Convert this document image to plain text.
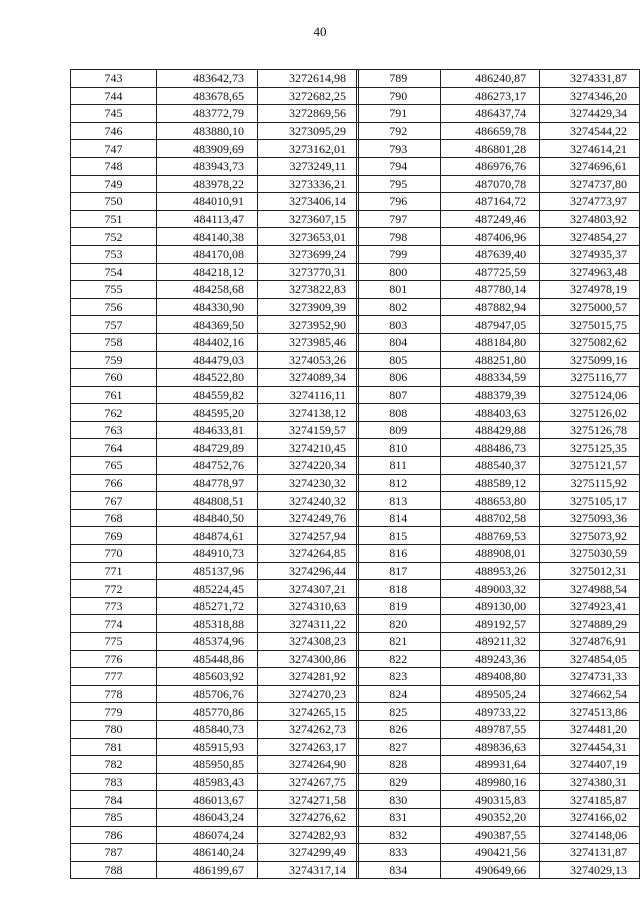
40
743	483642,73	3272614,98
744	483678,65	3272682,25
745	483772,79	3272869,56
746	483880,10	3273095,29
747	483909,69	3273162,01
748	483943,73	3273249,11
749	483978,22	3273336,21
750	484010,91	3273406,14
751	484113,47	3273607,15
752	484140,38	3273653,01
753	484170,08	3273699,24
754	484218,12	3273770,31
755	484258,68	3273822,83
756	484330,90	3273909,39
757	484369,50	3273952,90
758	484402,16	3273985,46
759	484479,03	3274053,26
760	484522,80	3274089,34
761	484559,82	3274116,11
762	484595,20	3274138,12
763	484633,81	3274159,57
764	484729,89	3274210,45
765	484752,76	3274220,34
766	484778,97	3274230,32
767	484808,51	3274240,32
768	484840,50	3274249,76
769	484874,61	3274257,94
770	484910,73	3274264,85
771	485137,96	3274296,44
772	485224,45	3274307,21
773	485271,72	3274310,63
774	485318,88	3274311,22
775	485374,96	3274308,23
776	485448,86	3274300,86
777	485603,92	3274281,92
778	485706,76	3274270,23
779	485770,86	3274265,15
780	485840,73	3274262,73
781	485915,93	3274263,17
782	485950,85	3274264,90
783	485983,43	3274267,75
784	486013,67	3274271,58
785	486043,24	3274276,62
786	486074,24	3274282,93
787	486140,24	3274299,49
788	486199,67	3274317,14
789	486240,87	3274331,87
790	486273,17	3274346,20
791	486437,74	3274429,34
792	486659,78	3274544,22
793	486801,28	3274614,21
794	486976,76	3274696,61
795	487070,78	3274737,80
796	487164,72	3274773,97
797	487249,46	3274803,92
798	487406,96	3274854,27
799	487639,40	3274935,37
800	487725,59	3274963,48
801	487780,14	3274978,19
802	487882,94	3275000,57
803	487947,05	3275015,75
804	488184,80	3275082,62
805	488251,80	3275099,16
806	488334,59	3275116,77
807	488379,39	3275124,06
808	488403,63	3275126,02
809	488429,88	3275126,78
810	488486,73	3275125,35
811	488540,37	3275121,57
812	488589,12	3275115,92
813	488653,80	3275105,17
814	488702,58	3275093,36
815	488769,53	3275073,92
816	488908,01	3275030,59
817	488953,26	3275012,31
818	489003,32	3274988,54
819	489130,00	3274923,41
820	489192,57	3274889,29
821	489211,32	3274876,91
822	489243,36	3274854,05
823	489408,80	3274731,33
824	489505,24	3274662,54
825	489733,22	3274513,86
826	489787,55	3274481,20
827	489836,63	3274454,31
828	489931,64	3274407,19
829	489980,16	3274380,31
830	490315,83	3274185,87
831	490352,20	3274166,02
832	490387,55	3274148,06
833	490421,56	3274131,87
834	490649,66	3274029,13
